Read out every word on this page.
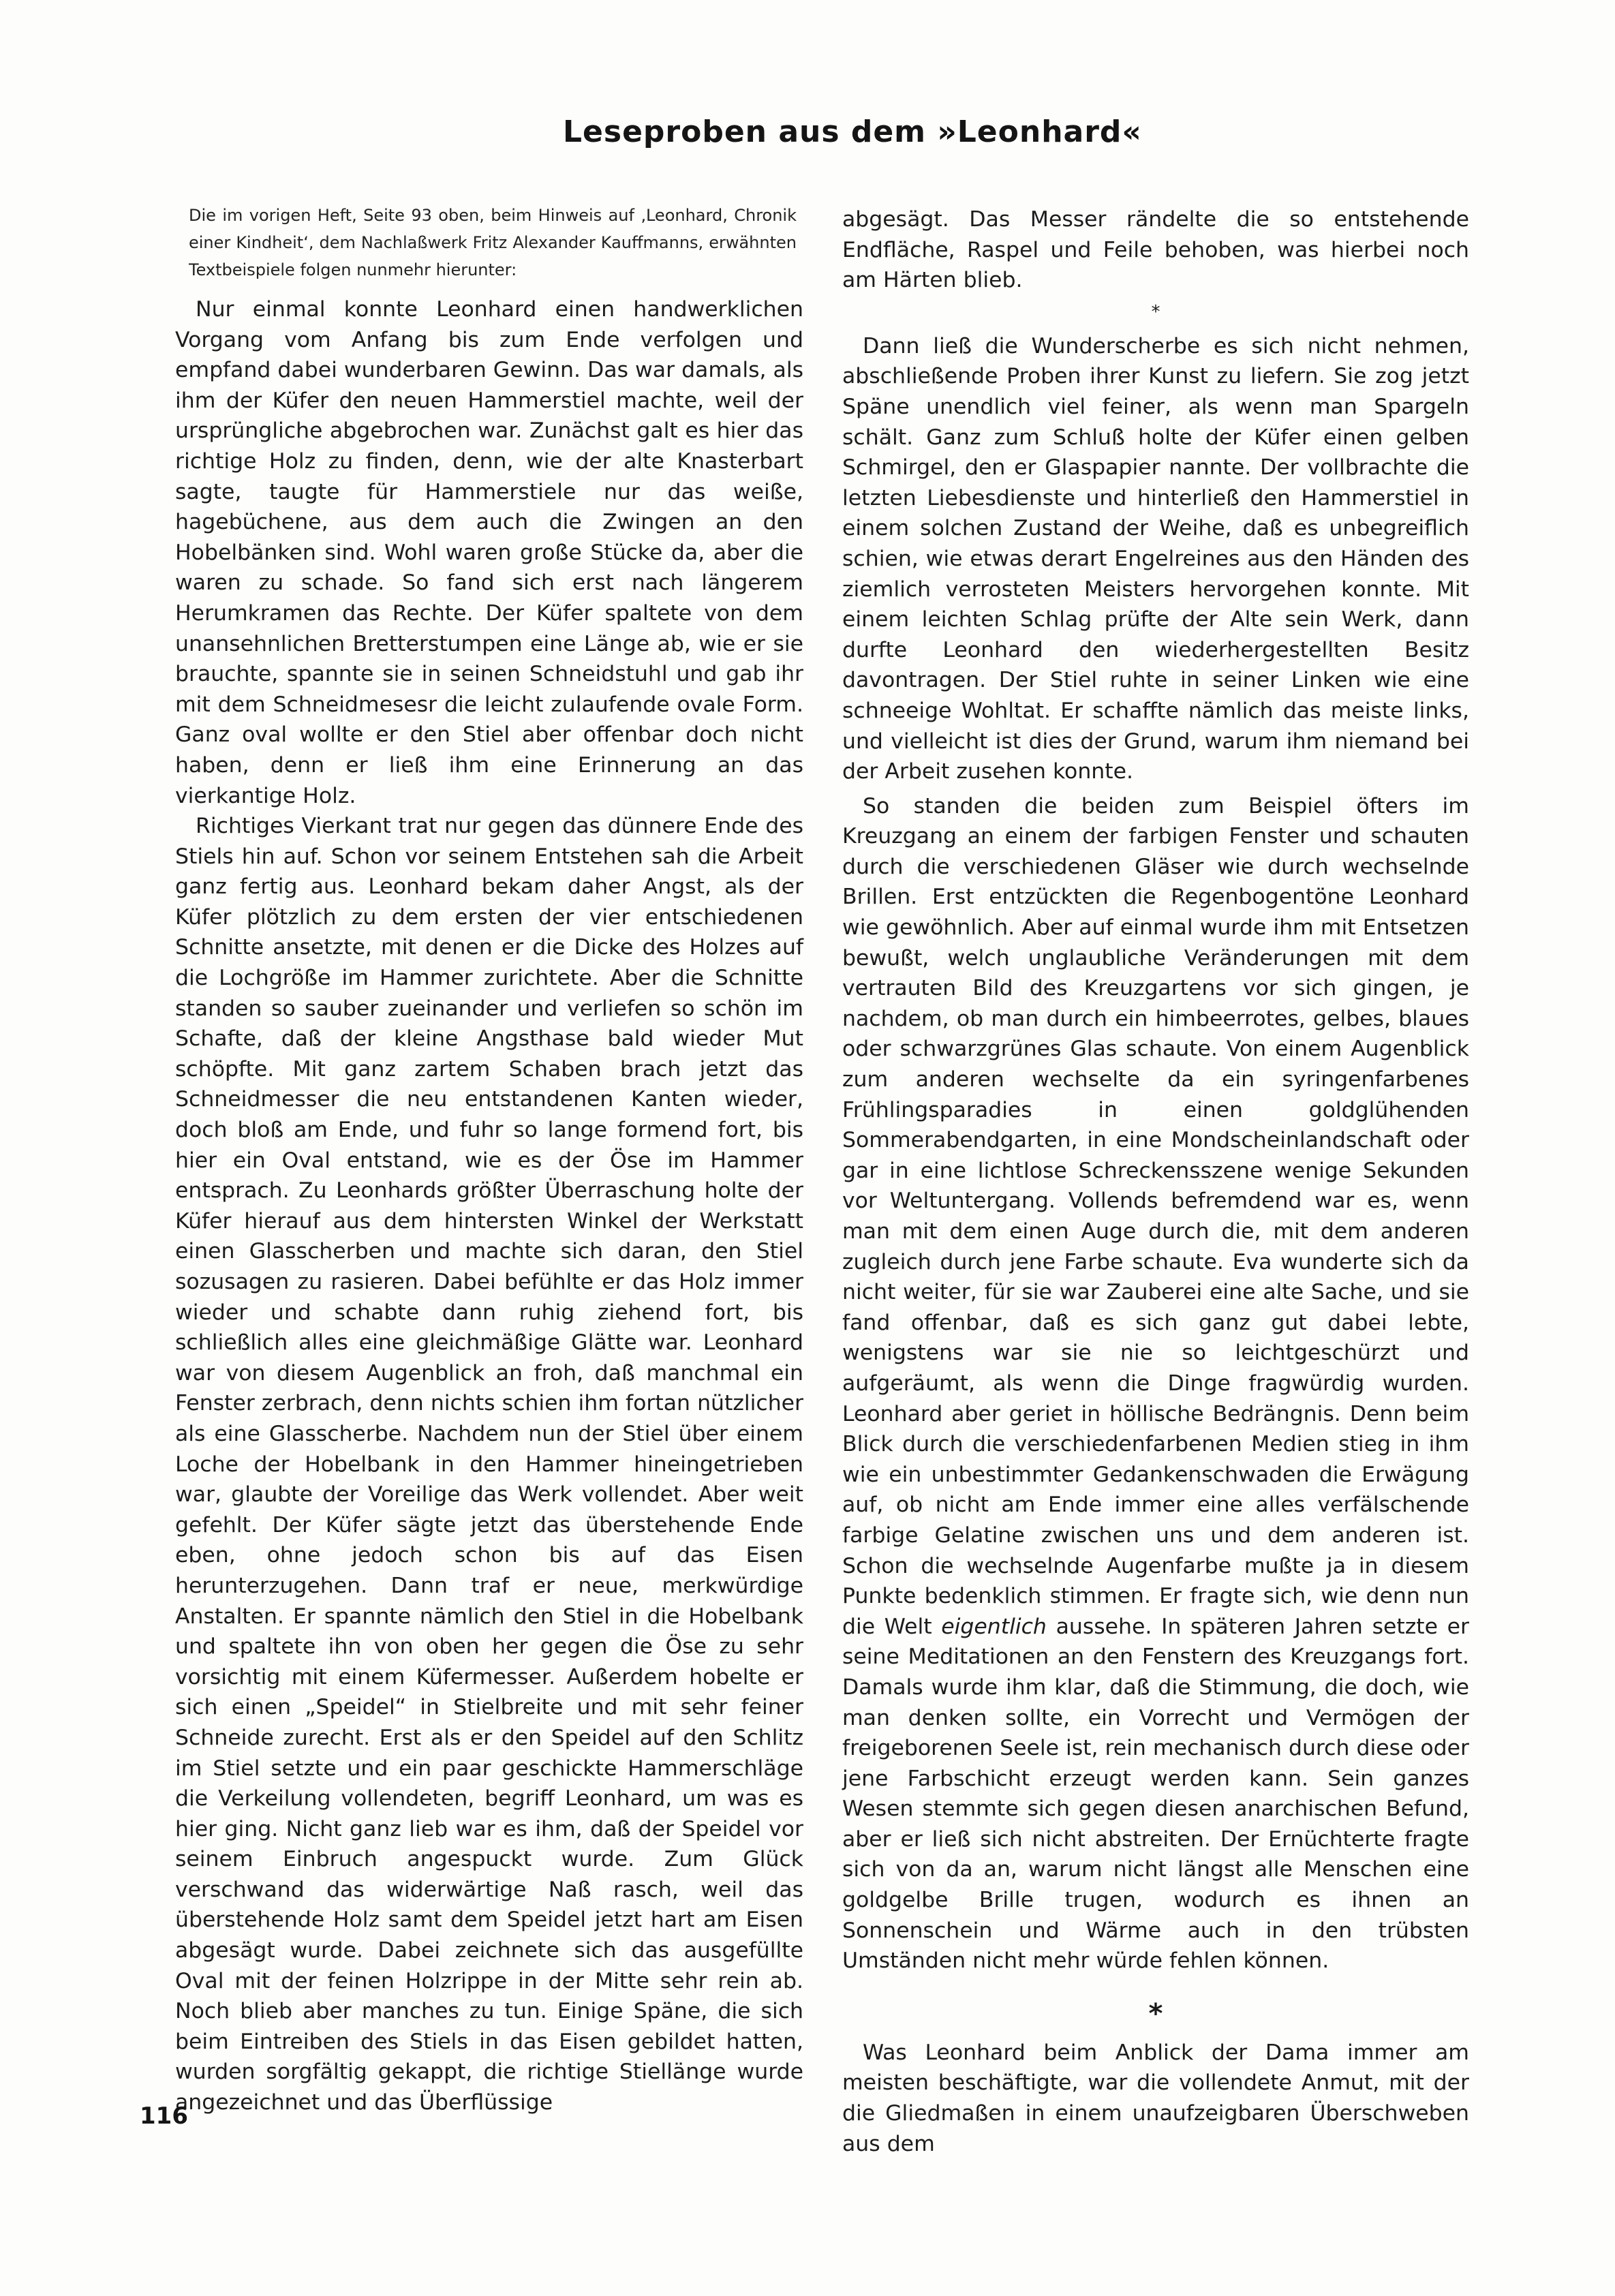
Leseproben aus dem »Leonhard«
Die im vorigen Heft, Seite 93 oben, beim Hinweis auf ‚Leonhard, Chronik einer Kindheit‘, dem Nachlaßwerk Fritz Alexander Kauffmanns, erwähnten Textbeispiele folgen nunmehr hierunter:

Nur einmal konnte Leonhard einen handwerklichen Vorgang vom Anfang bis zum Ende verfolgen und empfand dabei wunderbaren Gewinn. Das war damals, als ihm der Küfer den neuen Hammerstiel machte, weil der ursprüngliche abgebrochen war. Zunächst galt es hier das richtige Holz zu finden, denn, wie der alte Knasterbart sagte, taugte für Hammerstiele nur das weiße, hagebüchene, aus dem auch die Zwingen an den Hobelbänken sind. Wohl waren große Stücke da, aber die waren zu schade. So fand sich erst nach längerem Herumkramen das Rechte. Der Küfer spaltete von dem unansehnlichen Bretterstumpen eine Länge ab, wie er sie brauchte, spannte sie in seinen Schneidstuhl und gab ihr mit dem Schneidmesesr die leicht zulaufende ovale Form. Ganz oval wollte er den Stiel aber offenbar doch nicht haben, denn er ließ ihm eine Erinnerung an das vierkantige Holz.

Richtiges Vierkant trat nur gegen das dünnere Ende des Stiels hin auf. Schon vor seinem Entstehen sah die Arbeit ganz fertig aus. Leonhard bekam daher Angst, als der Küfer plötzlich zu dem ersten der vier entschiedenen Schnitte ansetzte, mit denen er die Dicke des Holzes auf die Lochgröße im Hammer zurichtete. Aber die Schnitte standen so sauber zueinander und verliefen so schön im Schafte, daß der kleine Angsthase bald wieder Mut schöpfte. Mit ganz zartem Schaben brach jetzt das Schneidmesser die neu entstandenen Kanten wieder, doch bloß am Ende, und fuhr so lange formend fort, bis hier ein Oval entstand, wie es der Öse im Hammer entsprach. Zu Leonhards größter Überraschung holte der Küfer hierauf aus dem hintersten Winkel der Werkstatt einen Glasscherben und machte sich daran, den Stiel sozusagen zu rasieren. Dabei befühlte er das Holz immer wieder und schabte dann ruhig ziehend fort, bis schließlich alles eine gleichmäßige Glätte war. Leonhard war von diesem Augenblick an froh, daß manchmal ein Fenster zerbrach, denn nichts schien ihm fortan nützlicher als eine Glasscherbe. Nachdem nun der Stiel über einem Loche der Hobelbank in den Hammer hineingetrieben war, glaubte der Voreilige das Werk vollendet. Aber weit gefehlt. Der Küfer sägte jetzt das überstehende Ende eben, ohne jedoch schon bis auf das Eisen herunterzugehen. Dann traf er neue, merkwürdige Anstalten. Er spannte nämlich den Stiel in die Hobelbank und spaltete ihn von oben her gegen die Öse zu sehr vorsichtig mit einem Küfermesser. Außerdem hobelte er sich einen „Speidel“ in Stielbreite und mit sehr feiner Schneide zurecht. Erst als er den Speidel auf den Schlitz im Stiel setzte und ein paar geschickte Hammerschläge die Verkeilung vollendeten, begriff Leonhard, um was es hier ging. Nicht ganz lieb war es ihm, daß der Speidel vor seinem Einbruch angespuckt wurde. Zum Glück verschwand das widerwärtige Naß rasch, weil das überstehende Holz samt dem Speidel jetzt hart am Eisen abgesägt wurde. Dabei zeichnete sich das ausgefüllte Oval mit der feinen Holzrippe in der Mitte sehr rein ab. Noch blieb aber manches zu tun. Einige Späne, die sich beim Eintreiben des Stiels in das Eisen gebildet hatten, wurden sorgfältig gekappt, die richtige Stiellänge wurde angezeichnet und das Überflüssige

abgesägt. Das Messer rändelte die so entstehende Endfläche, Raspel und Feile behoben, was hierbei noch am Härten blieb.

*

Dann ließ die Wunderscherbe es sich nicht nehmen, abschließende Proben ihrer Kunst zu liefern. Sie zog jetzt Späne unendlich viel feiner, als wenn man Spargeln schält. Ganz zum Schluß holte der Küfer einen gelben Schmirgel, den er Glaspapier nannte. Der vollbrachte die letzten Liebesdienste und hinterließ den Hammerstiel in einem solchen Zustand der Weihe, daß es unbegreiflich schien, wie etwas derart Engelreines aus den Händen des ziemlich verrosteten Meisters hervorgehen konnte. Mit einem leichten Schlag prüfte der Alte sein Werk, dann durfte Leonhard den wiederhergestellten Besitz davontragen. Der Stiel ruhte in seiner Linken wie eine schneeige Wohltat. Er schaffte nämlich das meiste links, und vielleicht ist dies der Grund, warum ihm niemand bei der Arbeit zusehen konnte.

So standen die beiden zum Beispiel öfters im Kreuzgang an einem der farbigen Fenster und schauten durch die verschiedenen Gläser wie durch wechselnde Brillen. Erst entzückten die Regenbogentöne Leonhard wie gewöhnlich. Aber auf einmal wurde ihm mit Entsetzen bewußt, welch unglaubliche Veränderungen mit dem vertrauten Bild des Kreuzgartens vor sich gingen, je nachdem, ob man durch ein himbeerrotes, gelbes, blaues oder schwarzgrünes Glas schaute. Von einem Augenblick zum anderen wechselte da ein syringenfarbenes Frühlingsparadies in einen goldglühenden Sommerabendgarten, in eine Mondscheinlandschaft oder gar in eine lichtlose Schreckensszene wenige Sekunden vor Weltuntergang. Vollends befremdend war es, wenn man mit dem einen Auge durch die, mit dem anderen zugleich durch jene Farbe schaute. Eva wunderte sich da nicht weiter, für sie war Zauberei eine alte Sache, und sie fand offenbar, daß es sich ganz gut dabei lebte, wenigstens war sie nie so leichtgeschürzt und aufgeräumt, als wenn die Dinge fragwürdig wurden. Leonhard aber geriet in höllische Bedrängnis. Denn beim Blick durch die verschiedenfarbenen Medien stieg in ihm wie ein unbestimmter Gedankenschwaden die Erwägung auf, ob nicht am Ende immer eine alles verfälschende farbige Gelatine zwischen uns und dem anderen ist. Schon die wechselnde Augenfarbe mußte ja in diesem Punkte bedenklich stimmen. Er fragte sich, wie denn nun die Welt eigentlich aussehe. In späteren Jahren setzte er seine Meditationen an den Fenstern des Kreuzgangs fort. Damals wurde ihm klar, daß die Stimmung, die doch, wie man denken sollte, ein Vorrecht und Vermögen der freigeborenen Seele ist, rein mechanisch durch diese oder jene Farbschicht erzeugt werden kann. Sein ganzes Wesen stemmte sich gegen diesen anarchischen Befund, aber er ließ sich nicht abstreiten. Der Ernüchterte fragte sich von da an, warum nicht längst alle Menschen eine goldgelbe Brille trugen, wodurch es ihnen an Sonnenschein und Wärme auch in den trübsten Umständen nicht mehr würde fehlen können.

*

Was Leonhard beim Anblick der Dama immer am meisten beschäftigte, war die vollendete Anmut, mit der die Gliedmaßen in einem unaufzeigbaren Überschweben aus dem

116
